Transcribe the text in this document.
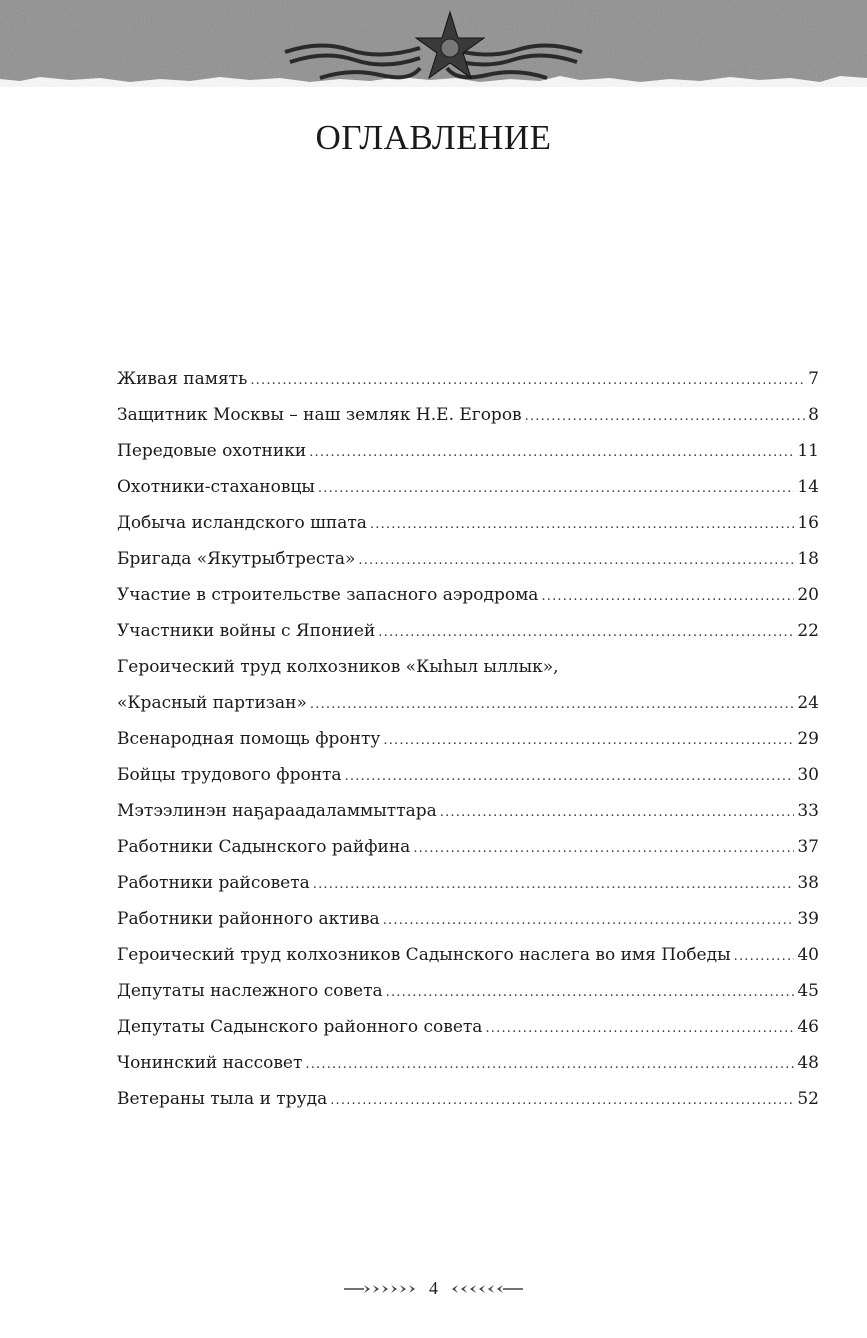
ОГЛАВЛЕНИЕ
Живая память .....	7
Защитник Москвы – наш земляк Н.Е. Егоров .....	8
Передовые охотники .....	11
Охотники-стахановцы .....	14
Добыча исландского шпата .....	16
Бригада «Якутрыбтреста» .....	18
Участие в строительстве запасного аэродрома .....	20
Участники войны с Японией .....	22
Героический труд колхозников «Кыһыл ыллык»,
«Красный партизан» .....	24
Всенародная помощь фронту .....	29
Бойцы трудового фронта .....	30
Мэтээлинэн наҕараадаламмыттара .....	33
Работники Садынского райфина .....	37
Работники райсовета .....	38
Работники районного актива .....	39
Героический труд колхозников Садынского наслега во имя Победы .....	40
Депутаты наслежного совета .....	45
Депутаты Садынского районного совета .....	46
Чонинский нассовет .....	48
Ветераны тыла и труда .....	52
4
